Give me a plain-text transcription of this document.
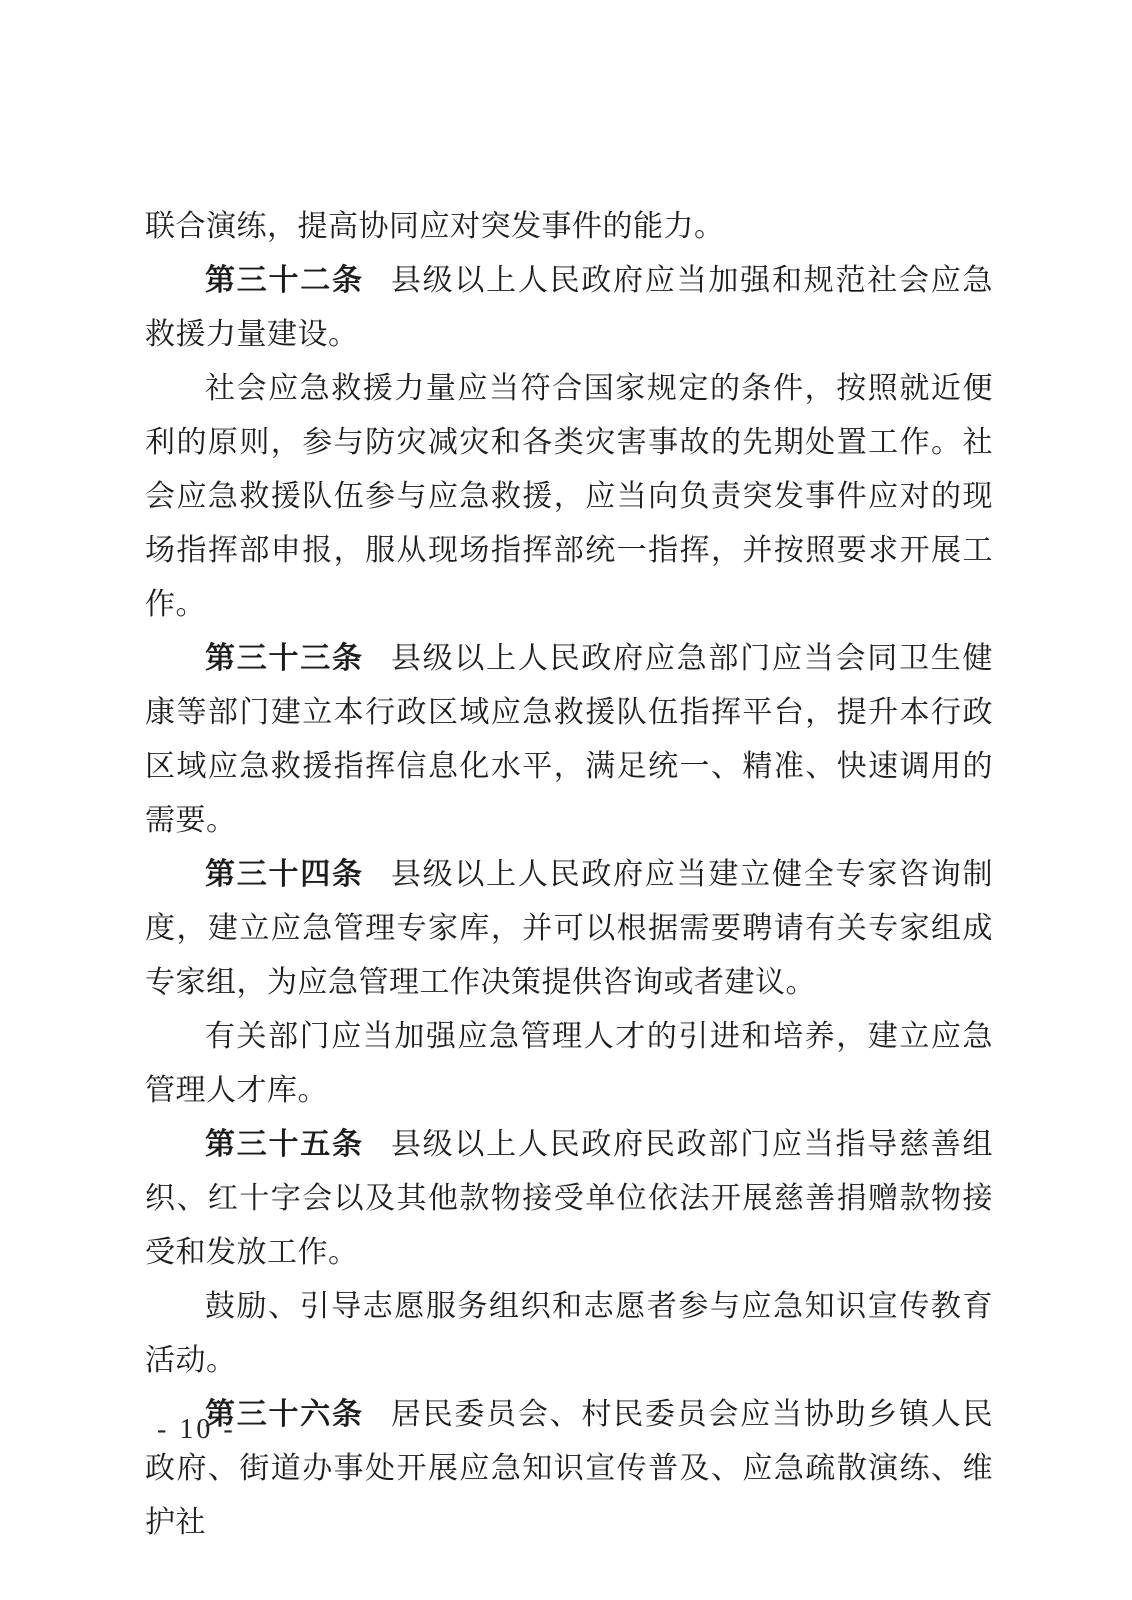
联合演练，提高协同应对突发事件的能力。

第三十二条 县级以上人民政府应当加强和规范社会应急救援力量建设。

社会应急救援力量应当符合国家规定的条件，按照就近便利的原则，参与防灾减灾和各类灾害事故的先期处置工作。社会应急救援队伍参与应急救援，应当向负责突发事件应对的现场指挥部申报，服从现场指挥部统一指挥，并按照要求开展工作。

第三十三条 县级以上人民政府应急部门应当会同卫生健康等部门建立本行政区域应急救援队伍指挥平台，提升本行政区域应急救援指挥信息化水平，满足统一、精准、快速调用的需要。

第三十四条 县级以上人民政府应当建立健全专家咨询制度，建立应急管理专家库，并可以根据需要聘请有关专家组成专家组，为应急管理工作决策提供咨询或者建议。

有关部门应当加强应急管理人才的引进和培养，建立应急管理人才库。

第三十五条 县级以上人民政府民政部门应当指导慈善组织、红十字会以及其他款物接受单位依法开展慈善捐赠款物接受和发放工作。

鼓励、引导志愿服务组织和志愿者参与应急知识宣传教育活动。

第三十六条 居民委员会、村民委员会应当协助乡镇人民政府、街道办事处开展应急知识宣传普及、应急疏散演练、维护社

- 10 -
